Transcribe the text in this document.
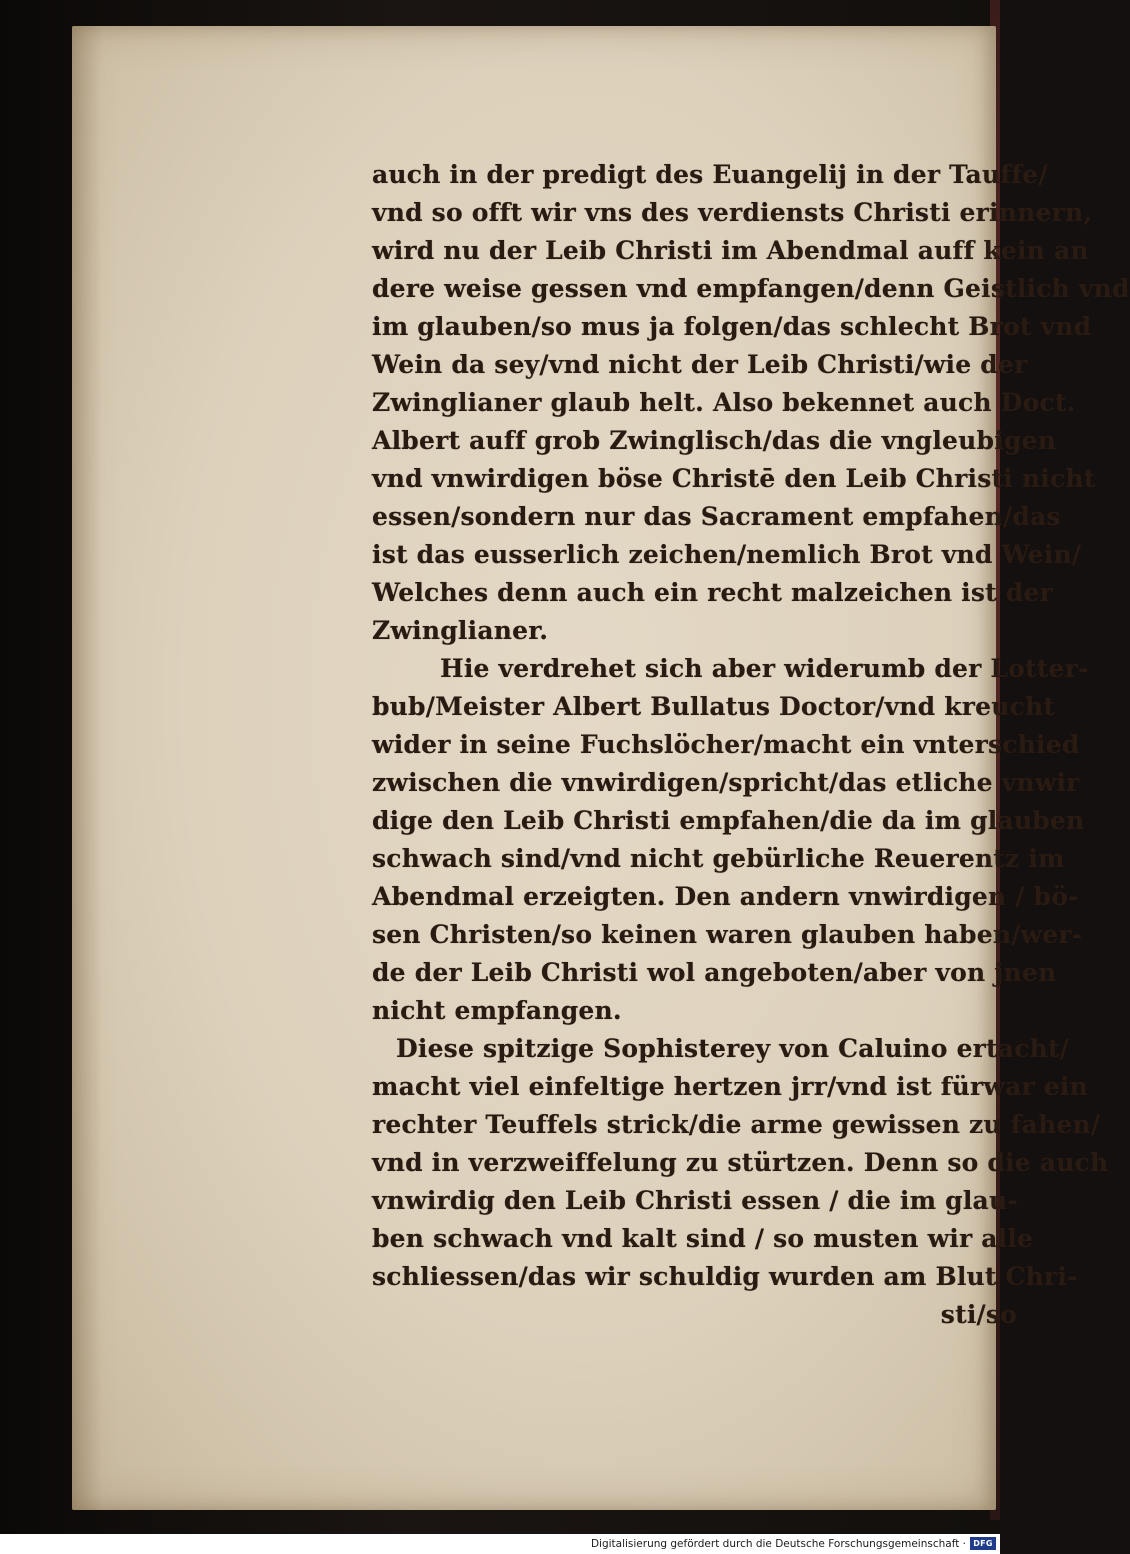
auch in der predigt des Euangelij in der Tauffe/
vnd so offt wir vns des verdiensts Christi erinnern,
wird nu der Leib Christi im Abendmal auff kein an
dere weise gessen vnd empfangen/denn Geistlich vnd
im glauben/so mus ja folgen/das schlecht Brot vnd
Wein da sey/vnd nicht der Leib Christi/wie der
Zwinglianer glaub helt. Also bekennet auch Doct.
Albert auff grob Zwinglisch/das die vngleubigen
vnd vnwirdigen böse Christē den Leib Christi nicht
essen/sondern nur das Sacrament empfahen/das
ist das eusserlich zeichen/nemlich Brot vnd Wein/
Welches denn auch ein recht malzeichen ist der
Zwinglianer.
Hie verdrehet sich aber widerumb der Lotter-
bub/Meister Albert Bullatus Doctor/vnd kreucht
wider in seine Fuchslöcher/macht ein vnterschied
zwischen die vnwirdigen/spricht/das etliche vnwir
dige den Leib Christi empfahen/die da im glauben
schwach sind/vnd nicht gebürliche Reuerentz im
Abendmal erzeigten. Den andern vnwirdigen / bö-
sen Christen/so keinen waren glauben haben/wer-
de der Leib Christi wol angeboten/aber von jnen
nicht empfangen.
Diese spitzige Sophisterey von Caluino ertacht/
macht viel einfeltige hertzen jrr/vnd ist fürwar ein
rechter Teuffels strick/die arme gewissen zu fahen/
vnd in verzweiffelung zu stürtzen. Denn so die auch
vnwirdig den Leib Christi essen / die im glau-
ben schwach vnd kalt sind / so musten wir alle
schliessen/das wir schuldig wurden am Blut Chri-
sti/so
Digitalisierung gefördert durch die Deutsche Forschungsgemeinschaft · DFG
